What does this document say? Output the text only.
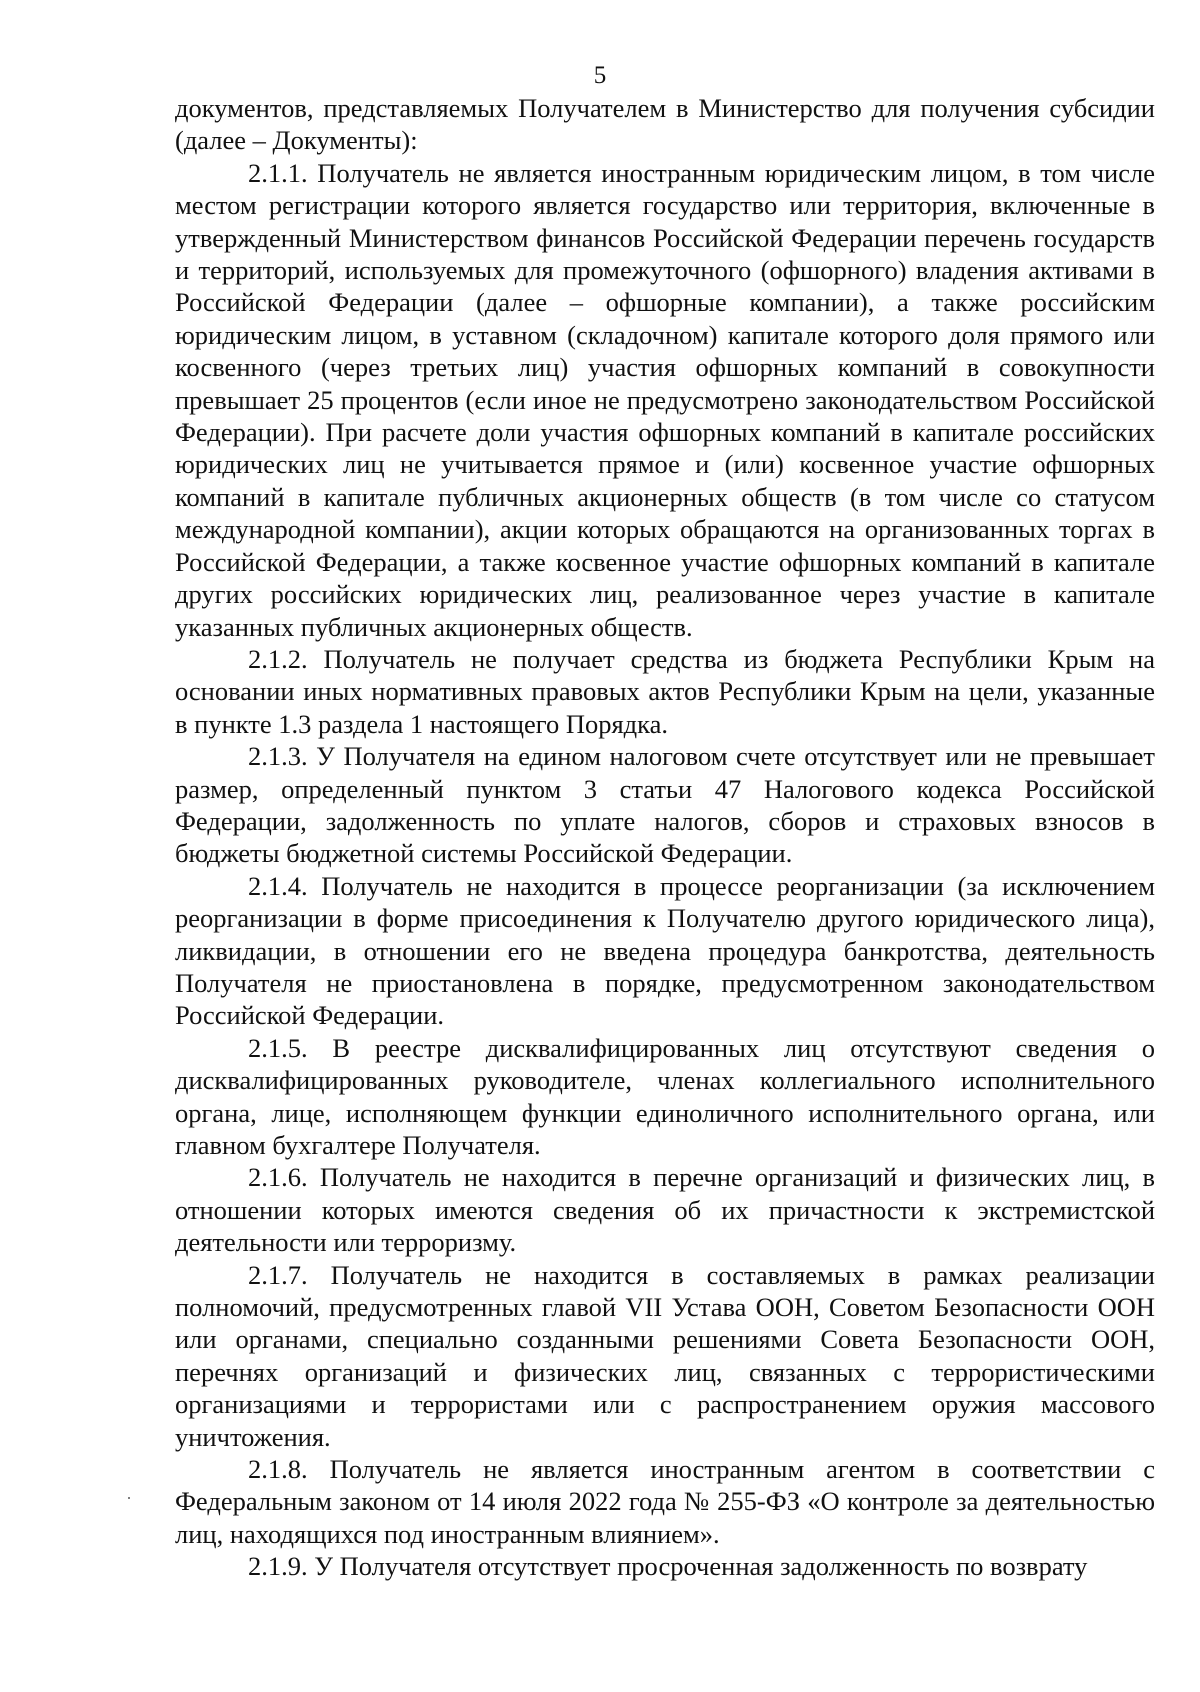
5

документов, представляемых Получателем в Министерство для получения субсидии (далее – Документы):

2.1.1. Получатель не является иностранным юридическим лицом, в том числе местом регистрации которого является государство или территория, включенные в утвержденный Министерством финансов Российской Федерации перечень государств и территорий, используемых для промежуточного (офшорного) владения активами в Российской Федерации (далее – офшорные компании), а также российским юридическим лицом, в уставном (складочном) капитале которого доля прямого или косвенного (через третьих лиц) участия офшорных компаний в совокупности превышает 25 процентов (если иное не предусмотрено законодательством Российской Федерации). При расчете доли участия офшорных компаний в капитале российских юридических лиц не учитывается прямое и (или) косвенное участие офшорных компаний в капитале публичных акционерных обществ (в том числе со статусом международной компании), акции которых обращаются на организованных торгах в Российской Федерации, а также косвенное участие офшорных компаний в капитале других российских юридических лиц, реализованное через участие в капитале указанных публичных акционерных обществ.

2.1.2. Получатель не получает средства из бюджета Республики Крым на основании иных нормативных правовых актов Республики Крым на цели, указанные в пункте 1.3 раздела 1 настоящего Порядка.

2.1.3. У Получателя на едином налоговом счете отсутствует или не превышает размер, определенный пунктом 3 статьи 47 Налогового кодекса Российской Федерации, задолженность по уплате налогов, сборов и страховых взносов в бюджеты бюджетной системы Российской Федерации.

2.1.4. Получатель не находится в процессе реорганизации (за исключением реорганизации в форме присоединения к Получателю другого юридического лица), ликвидации, в отношении его не введена процедура банкротства, деятельность Получателя не приостановлена в порядке, предусмотренном законодательством Российской Федерации.

2.1.5. В реестре дисквалифицированных лиц отсутствуют сведения о дисквалифицированных руководителе, членах коллегиального исполнительного органа, лице, исполняющем функции единоличного исполнительного органа, или главном бухгалтере Получателя.

2.1.6. Получатель не находится в перечне организаций и физических лиц, в отношении которых имеются сведения об их причастности к экстремистской деятельности или терроризму.

2.1.7. Получатель не находится в составляемых в рамках реализации полномочий, предусмотренных главой VII Устава ООН, Советом Безопасности ООН или органами, специально созданными решениями Совета Безопасности ООН, перечнях организаций и физических лиц, связанных с террористическими организациями и террористами или с распространением оружия массового уничтожения.

2.1.8. Получатель не является иностранным агентом в соответствии с Федеральным законом от 14 июля 2022 года № 255-ФЗ «О контроле за деятельностью лиц, находящихся под иностранным влиянием».

2.1.9. У Получателя отсутствует просроченная задолженность по возврату
